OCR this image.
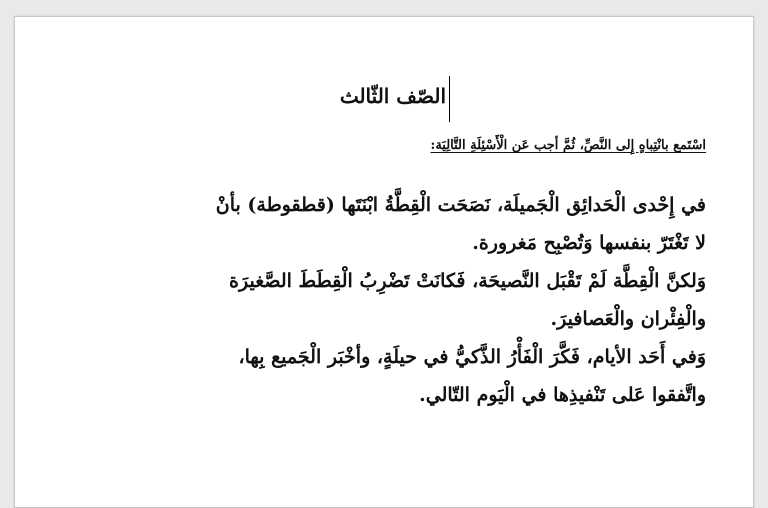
الصّف الثّالث
اسْتَمع بانْتِباهٍ إِلى النَّصِّ، ثُمَّ أجب عَن الْأَسْئِلَةِ التَّالِيَة:
في إِحْدى الْحَدائِق الْجَميلَة، نَصَحَت الْقِطَّةُ ابْنَتَها (قطقوطة) بأنْ
لا تَغْتَرّ بنفسها وَتُصْبِح مَغرورة.
وَلكنَّ الْقِطَّة لَمْ تَقْبَل النَّصيحَة، فَكانَتْ تَضْرِبُ الْقِطَطَ الصَّغيرَة
والْفِئْران والْعَصافيرَ.
وَفي أَحَد الأيام، فَكَّرَ الْفَأْرُ الذَّكيُّ في حيلَةٍ، وأخْبَر الْجَميع بِها،
واتَّفقوا عَلى تَنْفيذِها في الْيَوم التّالي.
